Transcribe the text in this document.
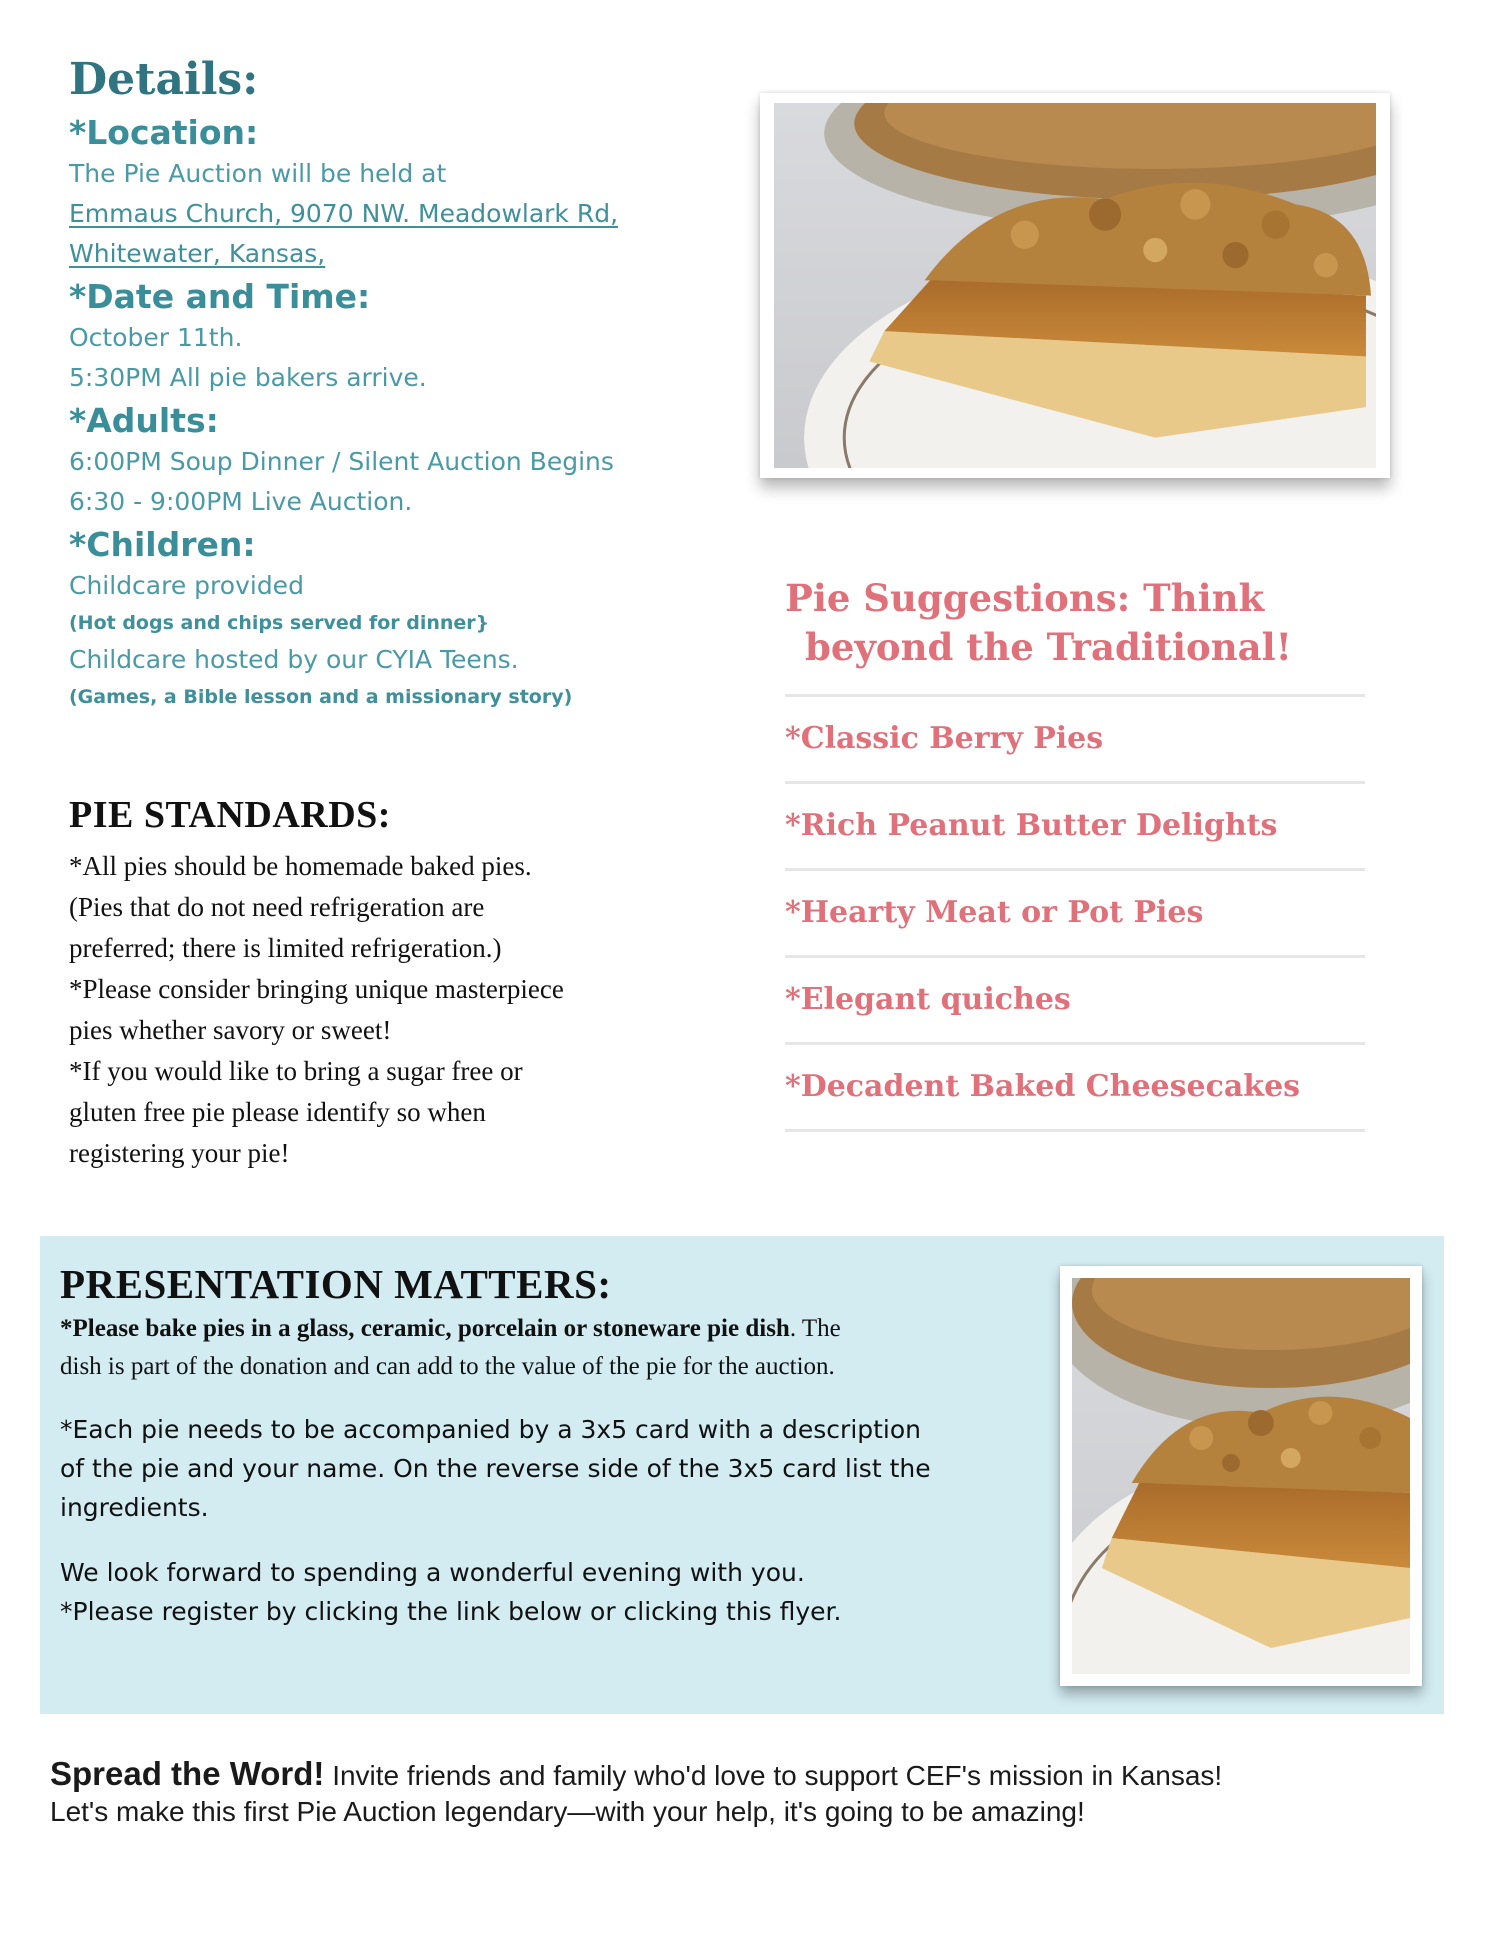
Details:
*Location:
The Pie Auction will be held at
Emmaus Church, 9070 NW. Meadowlark Rd,
Whitewater, Kansas,
*Date and Time:
October 11th.
5:30PM All pie bakers arrive.
*Adults:
6:00PM Soup Dinner / Silent Auction Begins
6:30 - 9:00PM Live Auction.
*Children:
Childcare provided
(Hot dogs and chips served for dinner}
Childcare hosted by our CYIA Teens.
(Games, a Bible lesson and a missionary story)
PIE STANDARDS:
*All pies should be homemade baked pies.
(Pies that do not need refrigeration are
preferred; there is limited refrigeration.)
*Please consider bringing unique masterpiece
pies whether savory or sweet!
*If you would like to bring a sugar free or
gluten free pie please identify so when
registering your pie!
Pie Suggestions: Think
beyond the Traditional!
*Classic Berry Pies
*Rich Peanut Butter Delights
*Hearty Meat or Pot Pies
*Elegant quiches
*Decadent Baked Cheesecakes
PRESENTATION MATTERS:
*Please bake pies in a glass, ceramic, porcelain or stoneware pie dish. The
dish is part of the donation and can add to the value of the pie for the auction.
*Each pie needs to be accompanied by a 3x5 card with a description
of the pie and your name. On the reverse side of the 3x5 card list the
ingredients.
We look forward to spending a wonderful evening with you.
*Please register by clicking the link below or clicking this flyer.
Spread the Word! Invite friends and family who'd love to support CEF's mission in Kansas!
Let's make this first Pie Auction legendary—with your help, it's going to be amazing!
